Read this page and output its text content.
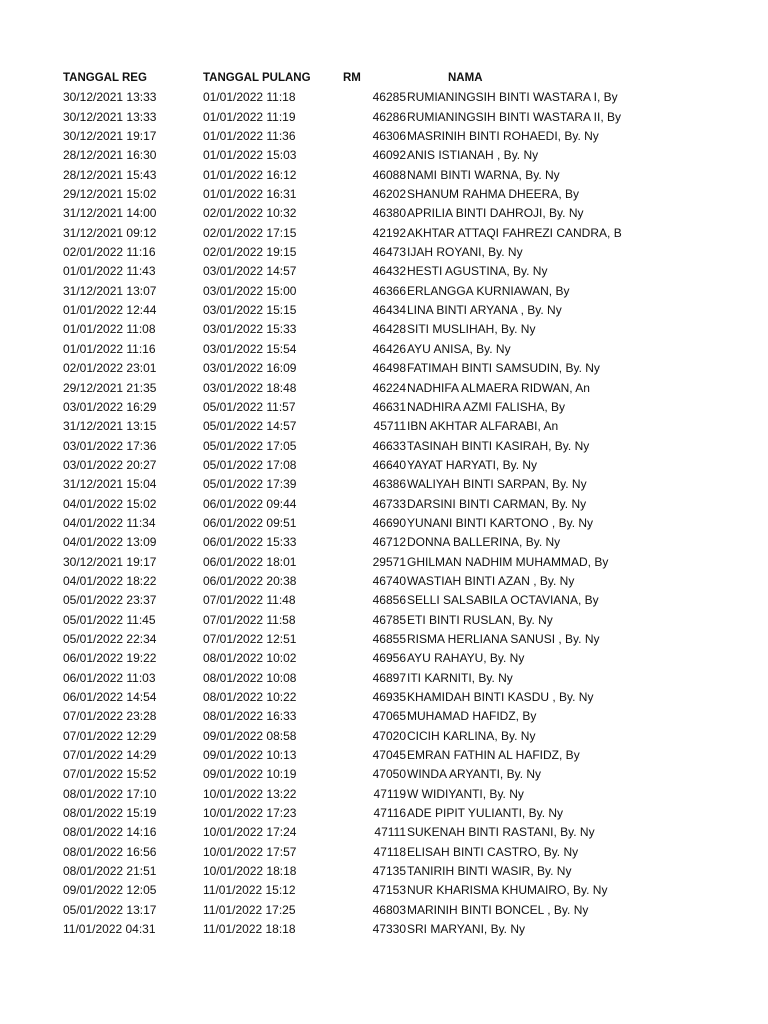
TANGGAL REG	TANGGAL PULANG	RM	NAMA
30/12/2021 13:33	01/01/2022 11:18	46285 RUMIANINGSIH BINTI WASTARA I, By
30/12/2021 13:33	01/01/2022 11:19	46286 RUMIANINGSIH BINTI WASTARA II, By
30/12/2021 19:17	01/01/2022 11:36	46306 MASRINIH BINTI ROHAEDI, By. Ny
28/12/2021 16:30	01/01/2022 15:03	46092 ANIS ISTIANAH , By. Ny
28/12/2021 15:43	01/01/2022 16:12	46088 NAMI BINTI WARNA, By. Ny
29/12/2021 15:02	01/01/2022 16:31	46202 SHANUM RAHMA DHEERA, By
31/12/2021 14:00	02/01/2022 10:32	46380 APRILIA BINTI DAHROJI, By. Ny
31/12/2021 09:12	02/01/2022 17:15	42192 AKHTAR ATTAQI FAHREZI CANDRA, B
02/01/2022 11:16	02/01/2022 19:15	46473 IJAH ROYANI, By. Ny
01/01/2022 11:43	03/01/2022 14:57	46432 HESTI AGUSTINA, By. Ny
31/12/2021 13:07	03/01/2022 15:00	46366 ERLANGGA KURNIAWAN, By
01/01/2022 12:44	03/01/2022 15:15	46434 LINA BINTI ARYANA , By. Ny
01/01/2022 11:08	03/01/2022 15:33	46428 SITI MUSLIHAH, By. Ny
01/01/2022 11:16	03/01/2022 15:54	46426 AYU ANISA, By. Ny
02/01/2022 23:01	03/01/2022 16:09	46498 FATIMAH BINTI SAMSUDIN, By. Ny
29/12/2021 21:35	03/01/2022 18:48	46224 NADHIFA ALMAERA RIDWAN, An
03/01/2022 16:29	05/01/2022 11:57	46631 NADHIRA AZMI FALISHA, By
31/12/2021 13:15	05/01/2022 14:57	45711 IBN AKHTAR ALFARABI, An
03/01/2022 17:36	05/01/2022 17:05	46633 TASINAH BINTI KASIRAH, By. Ny
03/01/2022 20:27	05/01/2022 17:08	46640 YAYAT HARYATI, By. Ny
31/12/2021 15:04	05/01/2022 17:39	46386 WALIYAH BINTI SARPAN, By. Ny
04/01/2022 15:02	06/01/2022 09:44	46733 DARSINI BINTI CARMAN, By. Ny
04/01/2022 11:34	06/01/2022 09:51	46690 YUNANI BINTI KARTONO , By. Ny
04/01/2022 13:09	06/01/2022 15:33	46712 DONNA BALLERINA, By. Ny
30/12/2021 19:17	06/01/2022 18:01	29571 GHILMAN NADHIM MUHAMMAD, By
04/01/2022 18:22	06/01/2022 20:38	46740 WASTIAH BINTI AZAN , By. Ny
05/01/2022 23:37	07/01/2022 11:48	46856 SELLI SALSABILA OCTAVIANA, By
05/01/2022 11:45	07/01/2022 11:58	46785 ETI BINTI RUSLAN, By. Ny
05/01/2022 22:34	07/01/2022 12:51	46855 RISMA HERLIANA SANUSI , By. Ny
06/01/2022 19:22	08/01/2022 10:02	46956 AYU RAHAYU, By. Ny
06/01/2022 11:03	08/01/2022 10:08	46897 ITI KARNITI, By. Ny
06/01/2022 14:54	08/01/2022 10:22	46935 KHAMIDAH BINTI KASDU , By. Ny
07/01/2022 23:28	08/01/2022 16:33	47065 MUHAMAD HAFIDZ, By
07/01/2022 12:29	09/01/2022 08:58	47020 CICIH KARLINA, By. Ny
07/01/2022 14:29	09/01/2022 10:13	47045 EMRAN FATHIN AL HAFIDZ, By
07/01/2022 15:52	09/01/2022 10:19	47050 WINDA ARYANTI, By. Ny
08/01/2022 17:10	10/01/2022 13:22	47119 W WIDIYANTI, By. Ny
08/01/2022 15:19	10/01/2022 17:23	47116 ADE PIPIT YULIANTI, By. Ny
08/01/2022 14:16	10/01/2022 17:24	47111 SUKENAH BINTI RASTANI, By. Ny
08/01/2022 16:56	10/01/2022 17:57	47118 ELISAH BINTI CASTRO, By. Ny
08/01/2022 21:51	10/01/2022 18:18	47135 TANIRIH BINTI WASIR, By. Ny
09/01/2022 12:05	11/01/2022 15:12	47153 NUR KHARISMA KHUMAIRO, By. Ny
05/01/2022 13:17	11/01/2022 17:25	46803 MARINIH BINTI BONCEL , By. Ny
11/01/2022 04:31	11/01/2022 18:18	47330 SRI MARYANI, By. Ny
